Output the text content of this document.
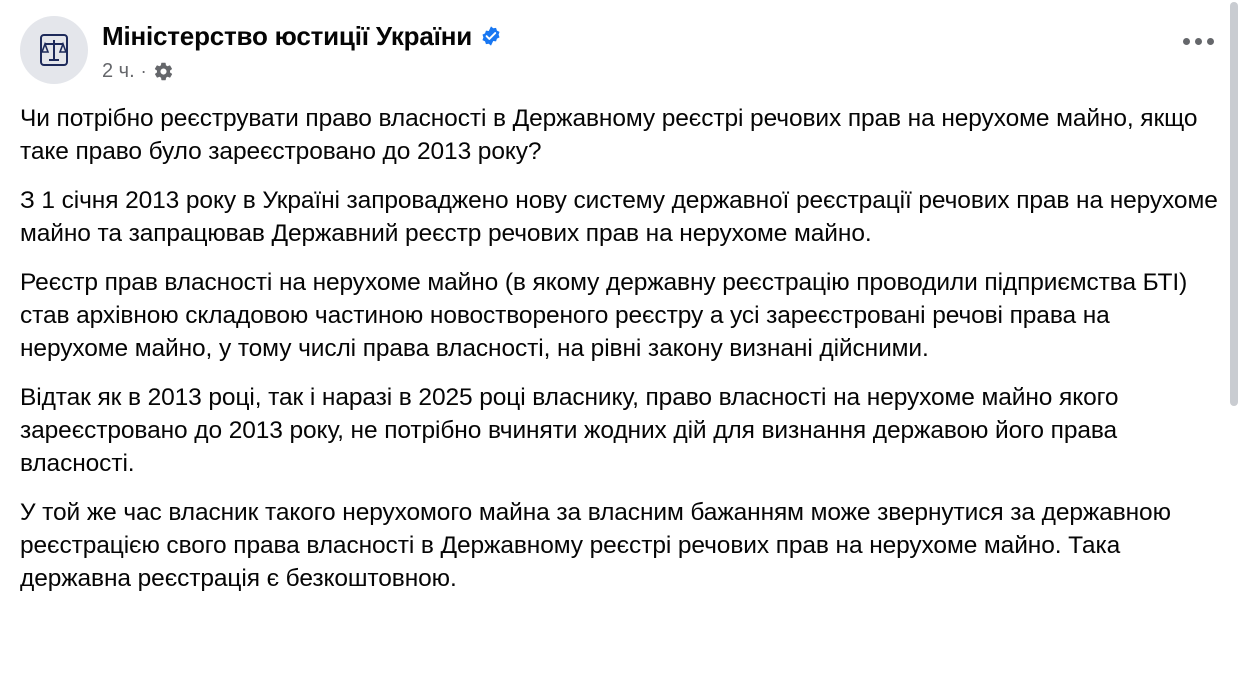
Міністерство юстиції України
2 ч. ·

Чи потрібно реєструвати право власності в Державному реєстрі речових прав на нерухоме майно, якщо таке право було зареєстровано до 2013 року?

З 1 січня 2013 року в Україні запроваджено нову систему державної реєстрації речових прав на нерухоме майно та запрацював Державний реєстр речових прав на нерухоме майно.

Реєстр прав власності на нерухоме майно (в якому державну реєстрацію проводили підприємства БТІ) став архівною складовою частиною новоствореного реєстру а усі зареєстровані речові права на нерухоме майно, у тому числі права власності, на рівні закону визнані дійсними.

Відтак як в 2013 році, так і наразі в 2025 році власнику, право власності на нерухоме майно якого зареєстровано до 2013 року, не потрібно вчиняти жодних дій для визнання державою його права власності.

У той же час власник такого нерухомого майна за власним бажанням може звернутися за державною реєстрацією свого права власності в Державному реєстрі речових прав на нерухоме майно. Така державна реєстрація є безкоштовною.
